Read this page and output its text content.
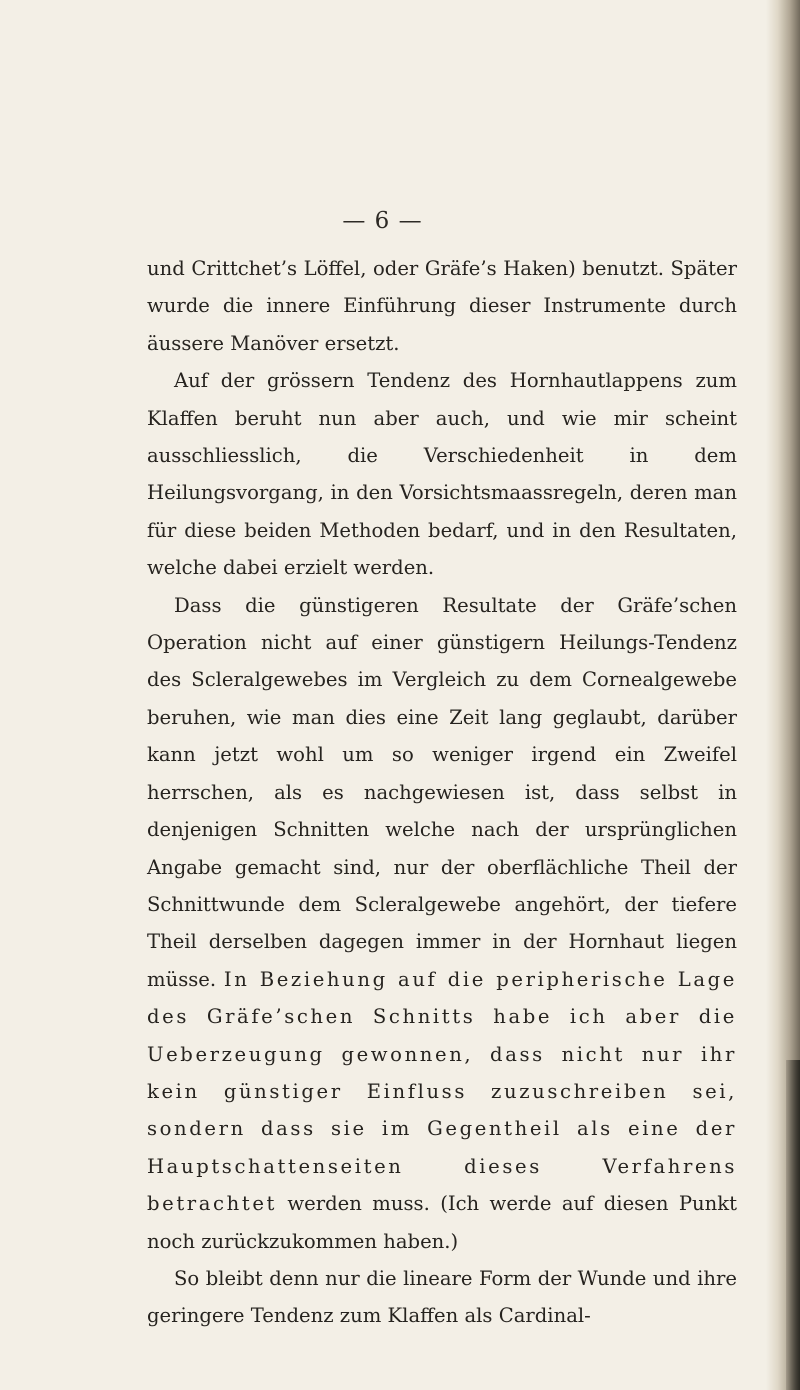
— 6 —

und Crittchet’s Löffel, oder Gräfe’s Haken) benutzt. Später wurde die innere Einführung dieser Instrumente durch äussere Manöver ersetzt.

Auf der grössern Tendenz des Hornhautlappens zum Klaffen beruht nun aber auch, und wie mir scheint ausschliesslich, die Verschiedenheit in dem Heilungsvorgang, in den Vorsichtsmaassregeln, deren man für diese beiden Methoden bedarf, und in den Resultaten, welche dabei erzielt werden.

Dass die günstigeren Resultate der Gräfe’schen Operation nicht auf einer günstigern Heilungs-Tendenz des Scleralgewebes im Vergleich zu dem Cornealgewebe beruhen, wie man dies eine Zeit lang geglaubt, darüber kann jetzt wohl um so weniger irgend ein Zweifel herrschen, als es nachgewiesen ist, dass selbst in denjenigen Schnitten welche nach der ursprünglichen Angabe gemacht sind, nur der oberflächliche Theil der Schnittwunde dem Scleralgewebe angehört, der tiefere Theil derselben dagegen immer in der Hornhaut liegen müsse. In Beziehung auf die peripherische Lage des Gräfe’schen Schnitts habe ich aber die Ueberzeugung gewonnen, dass nicht nur ihr kein günstiger Einfluss zuzuschreiben sei, sondern dass sie im Gegentheil als eine der Hauptschattenseiten dieses Verfahrens betrachtet werden muss. (Ich werde auf diesen Punkt noch zurückzukommen haben.)

So bleibt denn nur die lineare Form der Wunde und ihre geringere Tendenz zum Klaffen als Cardinal-
